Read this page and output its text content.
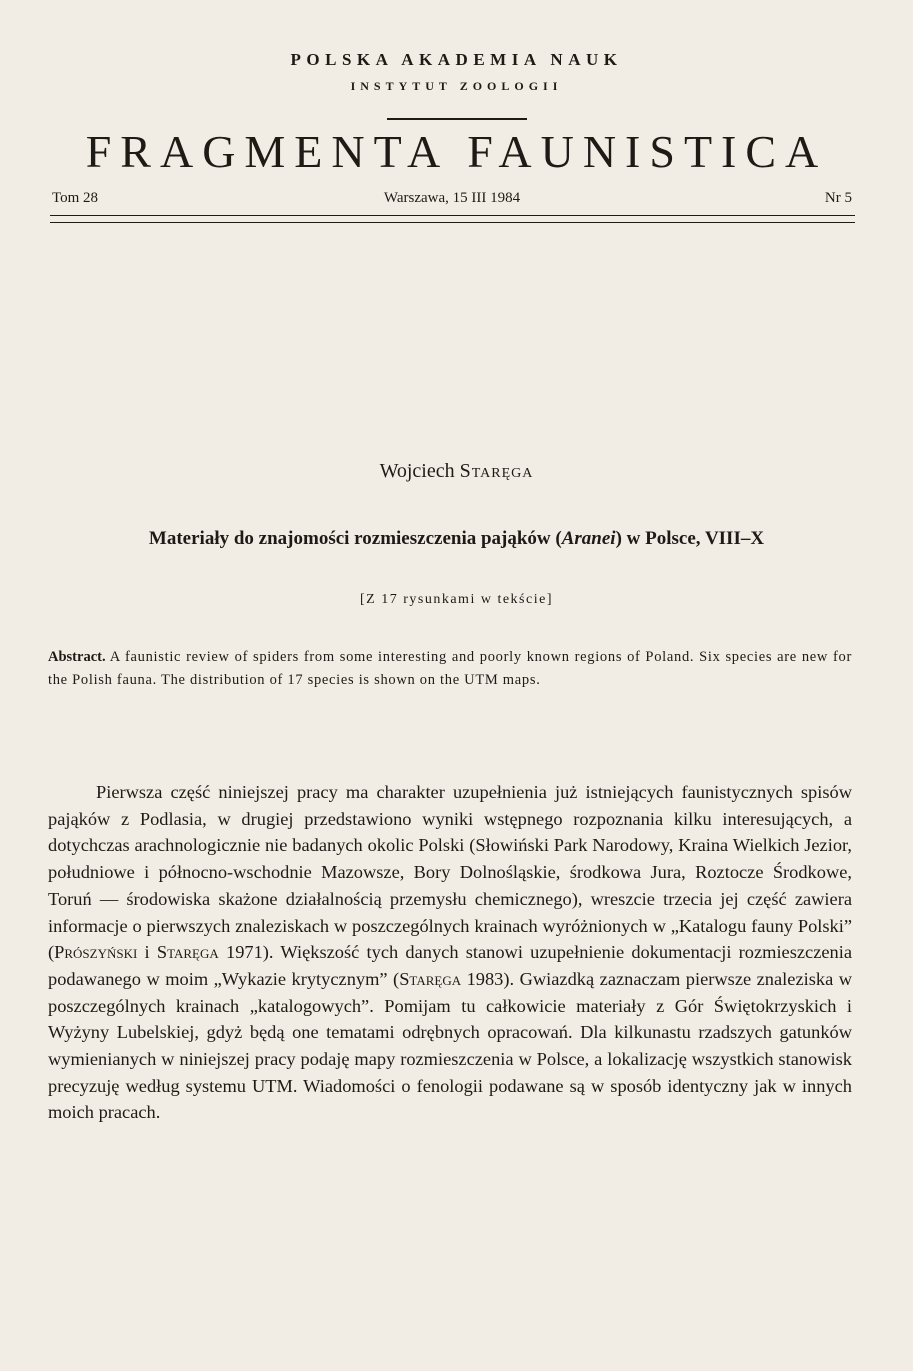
POLSKA AKADEMIA NAUK
INSTYTUT ZOOLOGII
FRAGMENTA FAUNISTICA
Tom 28	Warszawa, 15 III 1984	Nr 5
Wojciech Staręga
Materiały do znajomości rozmieszczenia pająków (Aranei) w Polsce, VIII–X
[Z 17 rysunkami w tekście]
Abstract. A faunistic review of spiders from some interesting and poorly known regions of Poland. Six species are new for the Polish fauna. The distribution of 17 species is shown on the UTM maps.
Pierwsza część niniejszej pracy ma charakter uzupełnienia już istniejących faunistycznych spisów pająków z Podlasia, w drugiej przedstawiono wyniki wstępnego rozpoznania kilku interesujących, a dotychczas arachnologicznie nie badanych okolic Polski (Słowiński Park Narodowy, Kraina Wielkich Jezior, południowe i północno-wschodnie Mazowsze, Bory Dolnośląskie, środkowa Jura, Roztocze Środkowe, Toruń — środowiska skażone działalnością przemysłu chemicznego), wreszcie trzecia jej część zawiera informacje o pierwszych znaleziskach w poszczególnych krainach wyróżnionych w „Katalogu fauny Polski” (Prószyński i Staręga 1971). Większość tych danych stanowi uzupełnienie dokumentacji rozmieszczenia podawanego w moim „Wykazie krytycznym” (Staręga 1983). Gwiazdką zaznaczam pierwsze znaleziska w poszczególnych krainach „katalogowych”. Pomijam tu całkowicie materiały z Gór Świętokrzyskich i Wyżyny Lubelskiej, gdyż będą one tematami odrębnych opracowań. Dla kilkunastu rzadszych gatunków wymienianych w niniejszej pracy podaję mapy rozmieszczenia w Polsce, a lokalizację wszystkich stanowisk precyzuję według systemu UTM. Wiadomości o fenologii podawane są w sposób identyczny jak w innych moich pracach.
